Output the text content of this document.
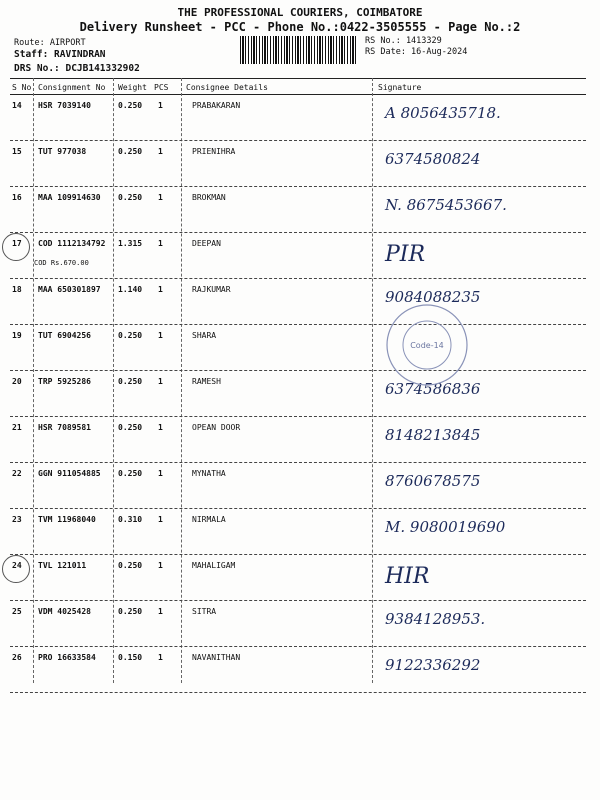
THE PROFESSIONAL COURIERS, COIMBATORE
Delivery Runsheet - PCC - Phone No.:0422-3505555 - Page No.:2
Route: AIRPORT
Staff: RAVINDRAN
DRS No.: DCJB141332902
RS No.: 1413329
RS Date: 16-Aug-2024
S No Consignment No Weight PCS Consignee Details	Signature
14 HSR 7039140	0.250 1	PRABAKARAN	A 8056435718.
15 TUT 977038	0.250 1	PRIENIHRA	6374580824
16 MAA 109914630 0.250 1	BROKMAN	N. 8675453667.
17 COD 1112134792 1.315 1	DEEPAN
COD Rs.670.00	PIR
18 MAA 650301897 1.140 1	RAJKUMAR	9084088235
19 TUT 6904256	0.250 1	SHARA
20 TRP 5925286	0.250 1	RAMESH	6374586836
21 HSR 7089581	0.250 1	OPEAN DOOR	8148213845
22 GGN 911054885 0.250 1	MYNATHA	8760678575
23 TVM 11968040	0.310 1	NIRMALA	M. 9080019690
24 TVL 121011	0.250 1	MAHALIGAM	HIR
25 VDM 4025428	0.250 1	SITRA	9384128953.
26 PRO 16633584	0.150 1	NAVANITHAN	9122336292
Code-14
